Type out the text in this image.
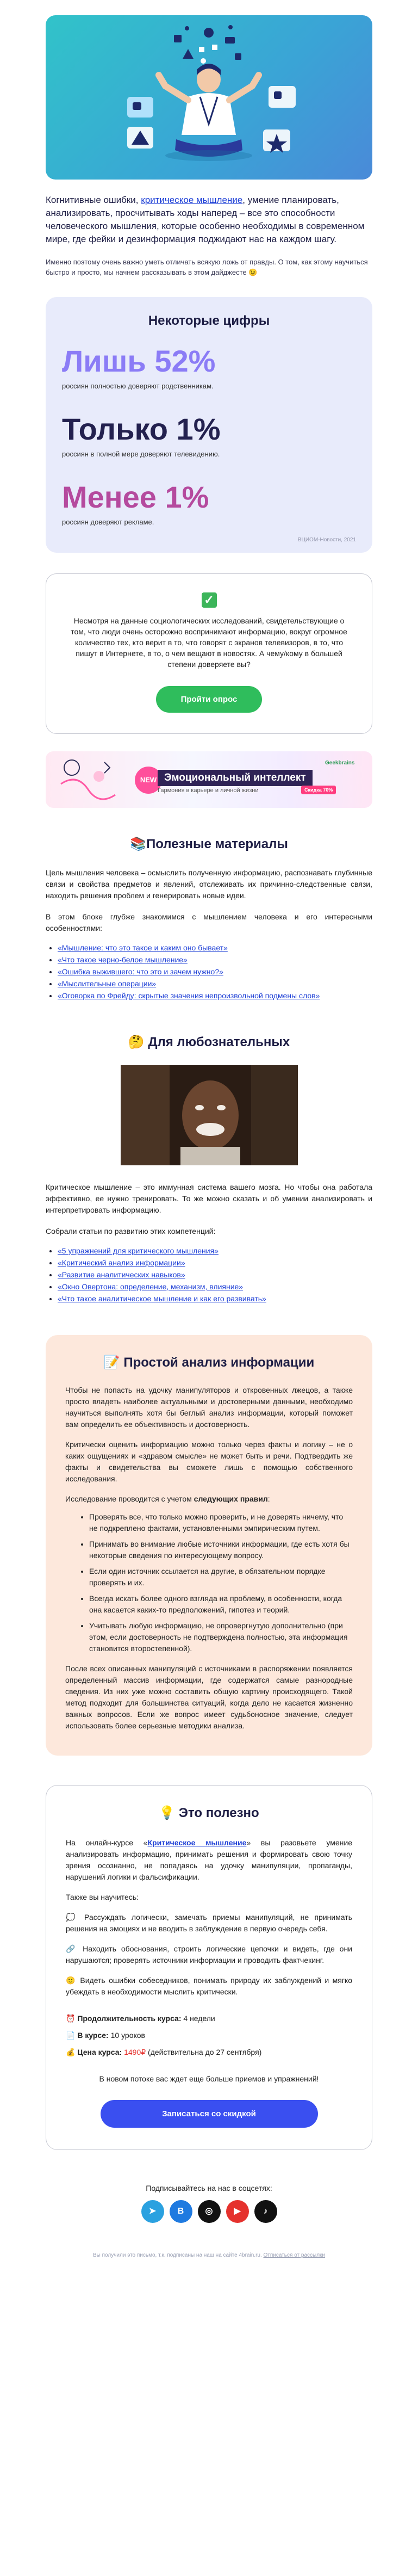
Когнитивные ошибки, критическое мышление, умение планировать, анализировать, просчитывать ходы наперед – все это способности человеческого мышления, которые особенно необходимы в современном мире, где фейки и дезинформация поджидают нас на каждом шагу.

Именно поэтому очень важно уметь отличать всякую ложь от правды. О том, как этому научиться быстро и просто, мы начнем рассказывать в этом дайджесте 😉

Некоторые цифры
Лишь 52%
россиян полностью доверяют родственникам.
Только 1%
россиян в полной мере доверяют телевидению.
Менее 1%
россиян доверяют рекламе.
ВЦИОМ-Новости, 2021
✓

Несмотря на данные социологических исследований, свидетельствующие о том, что люди очень осторожно воспринимают информацию, вокруг огромное количество тех, кто верит в то, что говорят с экранов телевизоров, в то, что пишут в Интернете, в то, о чем вещают в новостях. А чему/кому в большей степени доверяете вы?

Пройти опрос
NEW
Geekbrains
Эмоциональный интеллект
Гармония в карьере и личной жизни	Скидка 70%
📚Полезные материалы

Цель мышления человека – осмыслить полученную информацию, распознавать глубинные связи и свойства предметов и явлений, отслеживать их причинно-следственные связи, находить решения проблем и генерировать новые идеи.

В этом блоке глубже знакомимся с мышлением человека и его интересными особенностями:

• «Мышление: что это такое и каким оно бывает»
• «Что такое черно-белое мышление»
• «Ошибка выжившего: что это и зачем нужно?»
• «Мыслительные операции»
• «Оговорка по Фрейду: скрытые значения непроизвольной подмены слов»
🤔 Для любознательных

Критическое мышление – это иммунная система вашего мозга. Но чтобы она работала эффективно, ее нужно тренировать. То же можно сказать и об умении анализировать и интерпретировать информацию.

Собрали статьи по развитию этих компетенций:

• «5 упражнений для критического мышления»
• «Критический анализ информации»
• «Развитие аналитических навыков»
• «Окно Овертона: определение, механизм, влияние»
• «Что такое аналитическое мышление и как его развивать»
📝 Простой анализ информации

Чтобы не попасть на удочку манипуляторов и откровенных лжецов, а также просто владеть наиболее актуальными и достоверными данными, необходимо научиться выполнять хотя бы беглый анализ информации, который поможет вам определить ее объективность и достоверность.

Критически оценить информацию можно только через факты и логику – не о каких ощущениях и «здравом смысле» не может быть и речи. Подтвердить же факты и свидетельства вы сможете лишь с помощью собственного исследования.

Исследование проводится с учетом следующих правил:

• Проверять все, что только можно проверить, и не доверять ничему, что не подкреплено фактами, установленными эмпирическим путем.
• Принимать во внимание любые источники информации, где есть хотя бы некоторые сведения по интересующему вопросу.
• Если один источник ссылается на другие, в обязательном порядке проверять и их.
• Всегда искать более одного взгляда на проблему, в особенности, когда она касается каких-то предположений, гипотез и теорий.
• Учитывать любую информацию, не опровергнутую дополнительно (при этом, если достоверность не подтверждена полностью, эта информация становится второстепенной).

После всех описанных манипуляций с источниками в распоряжении появляется определенный массив информации, где содержатся самые разнородные сведения. Из них уже можно составить общую картину происходящего. Такой метод подходит для большинства ситуаций, когда дело не касается жизненно важных вопросов. Если же вопрос имеет судьбоносное значение, следует использовать более серьезные методики анализа.

💡 Это полезно

На онлайн-курсе «Критическое мышление» вы разовьете умение анализировать информацию, принимать решения и формировать свою точку зрения осознанно, не попадаясь на удочку манипуляции, пропаганды, нарушений логики и фальсификации.

Также вы научитесь:

💭 Рассуждать логически, замечать приемы манипуляций, не принимать решения на эмоциях и не вводить в заблуждение в первую очередь себя.

🔗 Находить обоснования, строить логические цепочки и видеть, где они нарушаются; проверять источники информации и проводить фактчекинг.

🙂 Видеть ошибки собеседников, понимать природу их заблуждений и мягко убеждать в необходимости мыслить критически.

⏰ Продолжительность курса: 4 недели

📄 В курсе: 10 уроков

💰 Цена курса: 1490₽ (действительна до 27 сентября)

В новом потоке вас ждет еще больше приемов и упражнений!

Записаться со скидкой
Подписывайтесь на нас в соцсетях:
➤	В	◎	▶	♪
Вы получили это письмо, т.к. подписаны на наш на сайте 4brain.ru. Отписаться от рассылки
